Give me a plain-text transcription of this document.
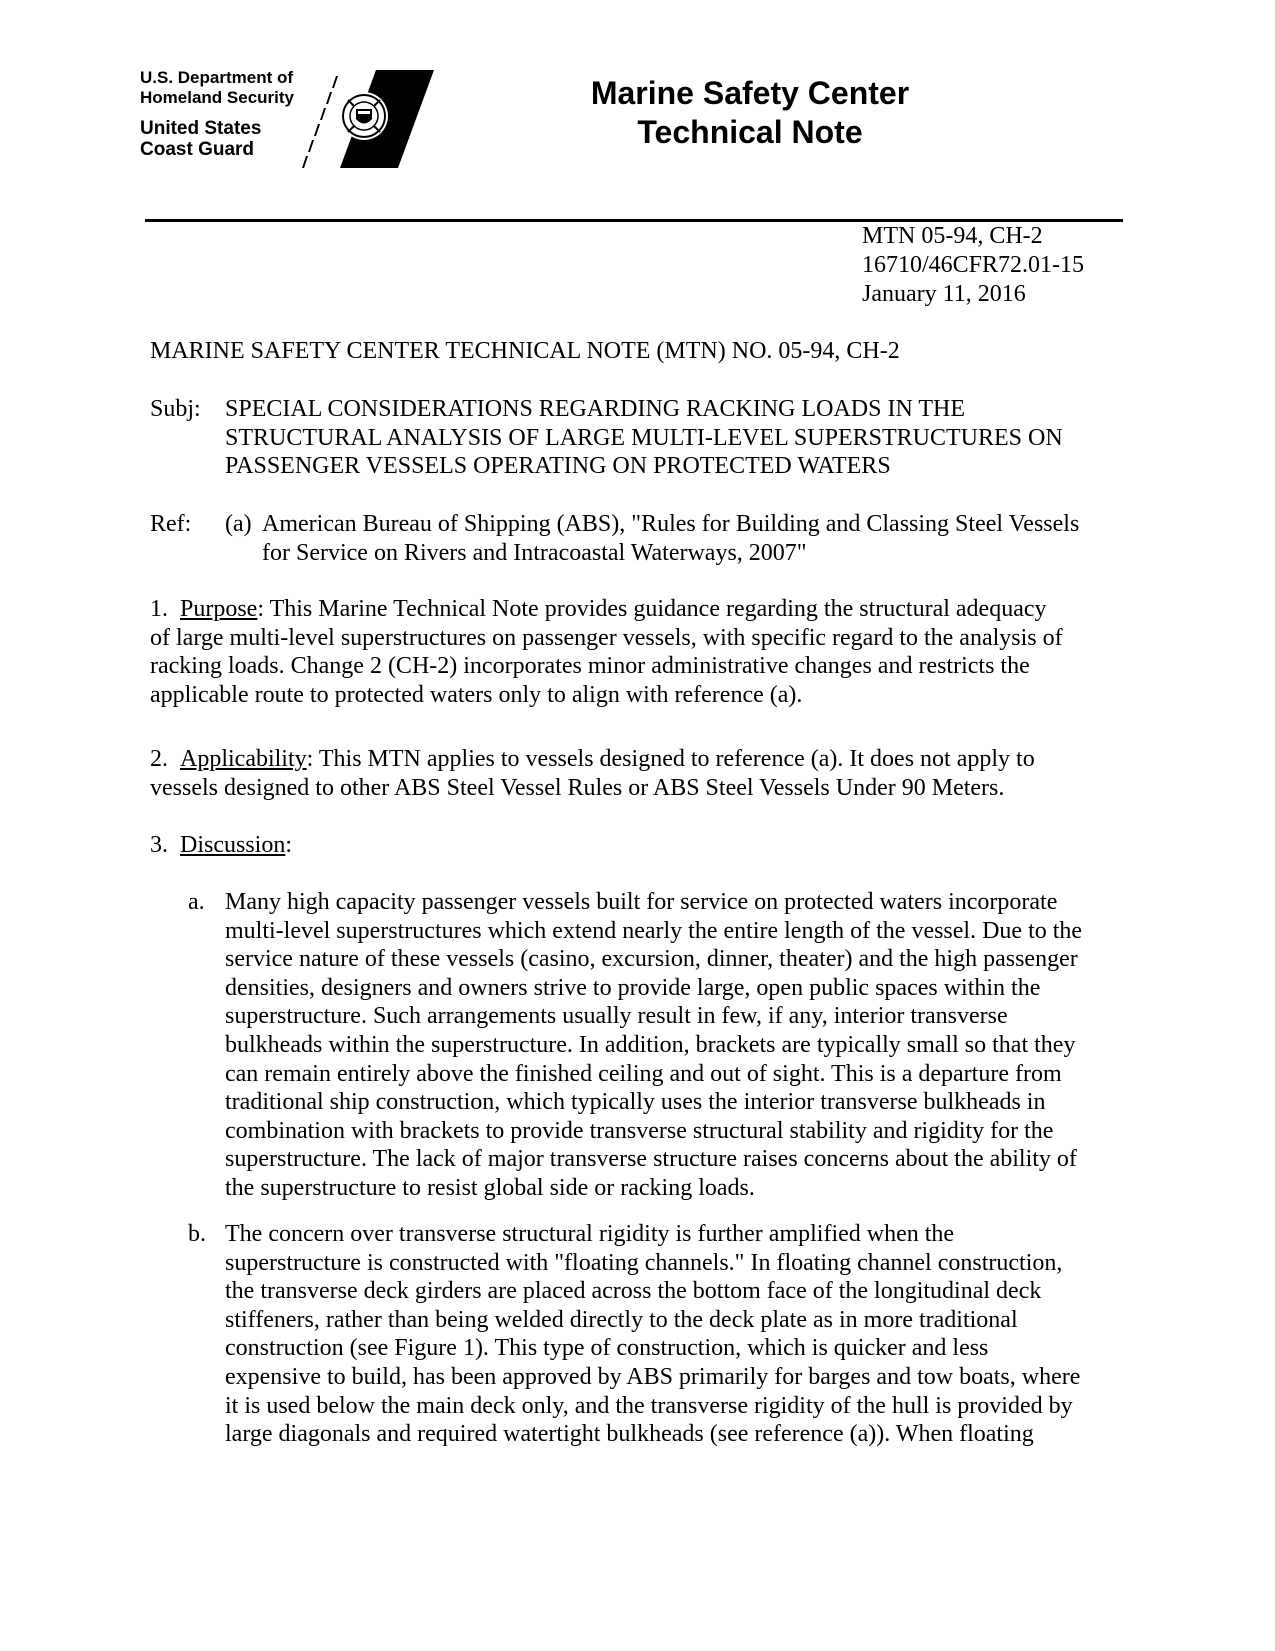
U.S. Department of
Homeland Security
United States
Coast Guard
Marine Safety Center
Technical Note
MTN 05-94, CH-2
16710/46CFR72.01-15
January 11, 2016
MARINE SAFETY CENTER TECHNICAL NOTE (MTN) NO. 05-94, CH-2
Subj: SPECIAL CONSIDERATIONS REGARDING RACKING LOADS IN THE
STRUCTURAL ANALYSIS OF LARGE MULTI-LEVEL SUPERSTRUCTURES ON
PASSENGER VESSELS OPERATING ON PROTECTED WATERS
Ref: (a) American Bureau of Shipping (ABS), "Rules for Building and Classing Steel Vessels
for Service on Rivers and Intracoastal Waterways, 2007"
1. Purpose: This Marine Technical Note provides guidance regarding the structural adequacy
of large multi-level superstructures on passenger vessels, with specific regard to the analysis of
racking loads. Change 2 (CH-2) incorporates minor administrative changes and restricts the
applicable route to protected waters only to align with reference (a).
2. Applicability: This MTN applies to vessels designed to reference (a). It does not apply to
vessels designed to other ABS Steel Vessel Rules or ABS Steel Vessels Under 90 Meters.
3. Discussion:
a. Many high capacity passenger vessels built for service on protected waters incorporate
multi-level superstructures which extend nearly the entire length of the vessel. Due to the
service nature of these vessels (casino, excursion, dinner, theater) and the high passenger
densities, designers and owners strive to provide large, open public spaces within the
superstructure. Such arrangements usually result in few, if any, interior transverse
bulkheads within the superstructure. In addition, brackets are typically small so that they
can remain entirely above the finished ceiling and out of sight. This is a departure from
traditional ship construction, which typically uses the interior transverse bulkheads in
combination with brackets to provide transverse structural stability and rigidity for the
superstructure. The lack of major transverse structure raises concerns about the ability of
the superstructure to resist global side or racking loads.
b. The concern over transverse structural rigidity is further amplified when the
superstructure is constructed with "floating channels." In floating channel construction,
the transverse deck girders are placed across the bottom face of the longitudinal deck
stiffeners, rather than being welded directly to the deck plate as in more traditional
construction (see Figure 1). This type of construction, which is quicker and less
expensive to build, has been approved by ABS primarily for barges and tow boats, where
it is used below the main deck only, and the transverse rigidity of the hull is provided by
large diagonals and required watertight bulkheads (see reference (a)). When floating
